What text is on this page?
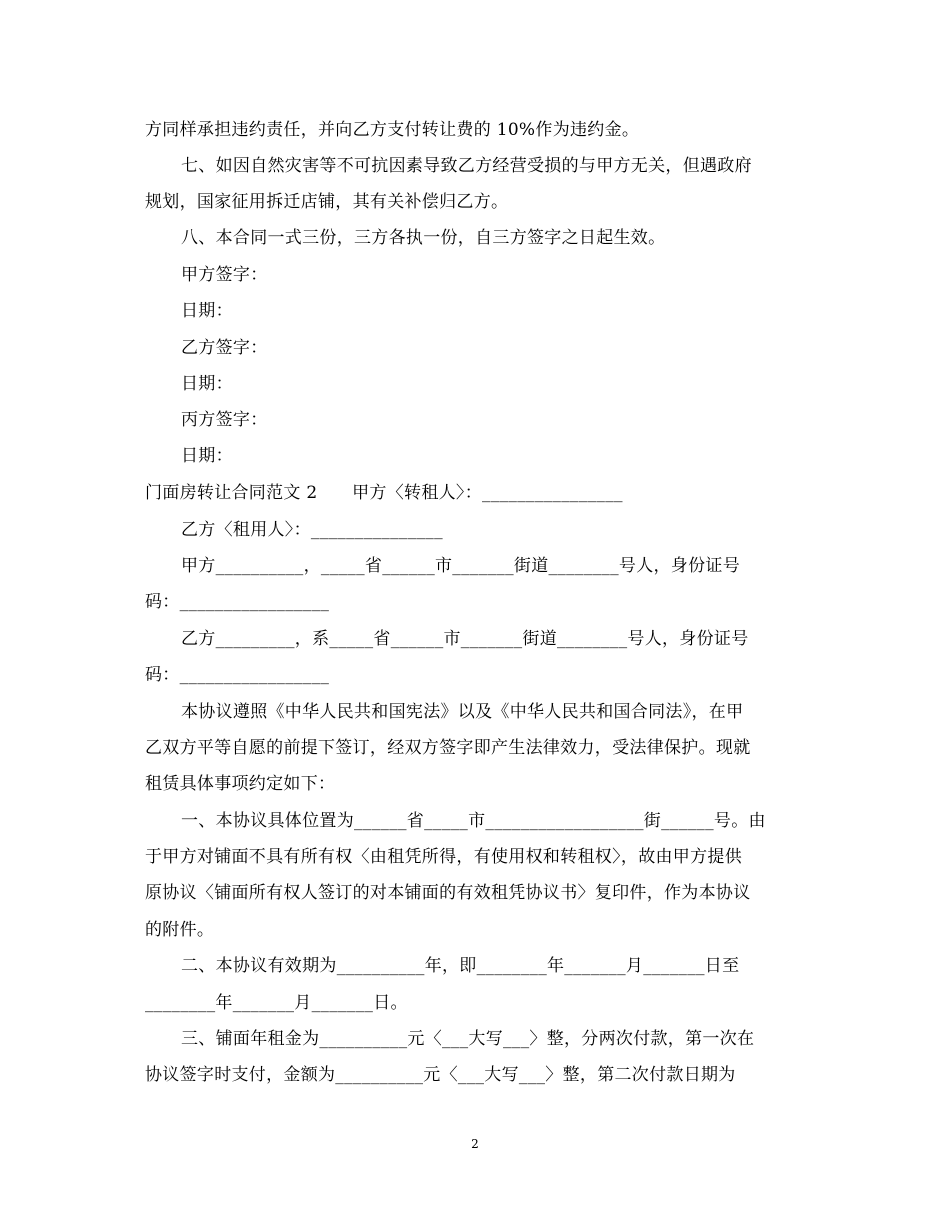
方同样承担违约责任，并向乙方支付转让费的 10%作为违约金。
七、如因自然灾害等不可抗因素导致乙方经营受损的与甲方无关，但遇政府
规划，国家征用拆迁店铺，其有关补偿归乙方。
八、本合同一式三份，三方各执一份，自三方签字之日起生效。
甲方签字：
日期：
乙方签字：
日期：
丙方签字：
日期：
门面房转让合同范文 2　　甲方〈转租人〉：________________
乙方〈租用人〉：_______________
甲方__________，_____省______市_______街道________号人，身份证号
码：_________________
乙方_________，系_____省______市_______街道________号人，身份证号
码：_________________
本协议遵照《中华人民共和国宪法》以及《中华人民共和国合同法》，在甲
乙双方平等自愿的前提下签订，经双方签字即产生法律效力，受法律保护。现就
租赁具体事项约定如下：
一、本协议具体位置为______省_____市__________________街______号。由
于甲方对铺面不具有所有权〈由租凭所得，有使用权和转租权〉，故由甲方提供
原协议〈铺面所有权人签订的对本铺面的有效租凭协议书〉复印件，作为本协议
的附件。
二、本协议有效期为__________年，即________年_______月_______日至
________年_______月_______日。
三、铺面年租金为__________元〈___大写___〉整，分两次付款，第一次在
协议签字时支付，金额为__________元〈___大写___〉整，第二次付款日期为
2
